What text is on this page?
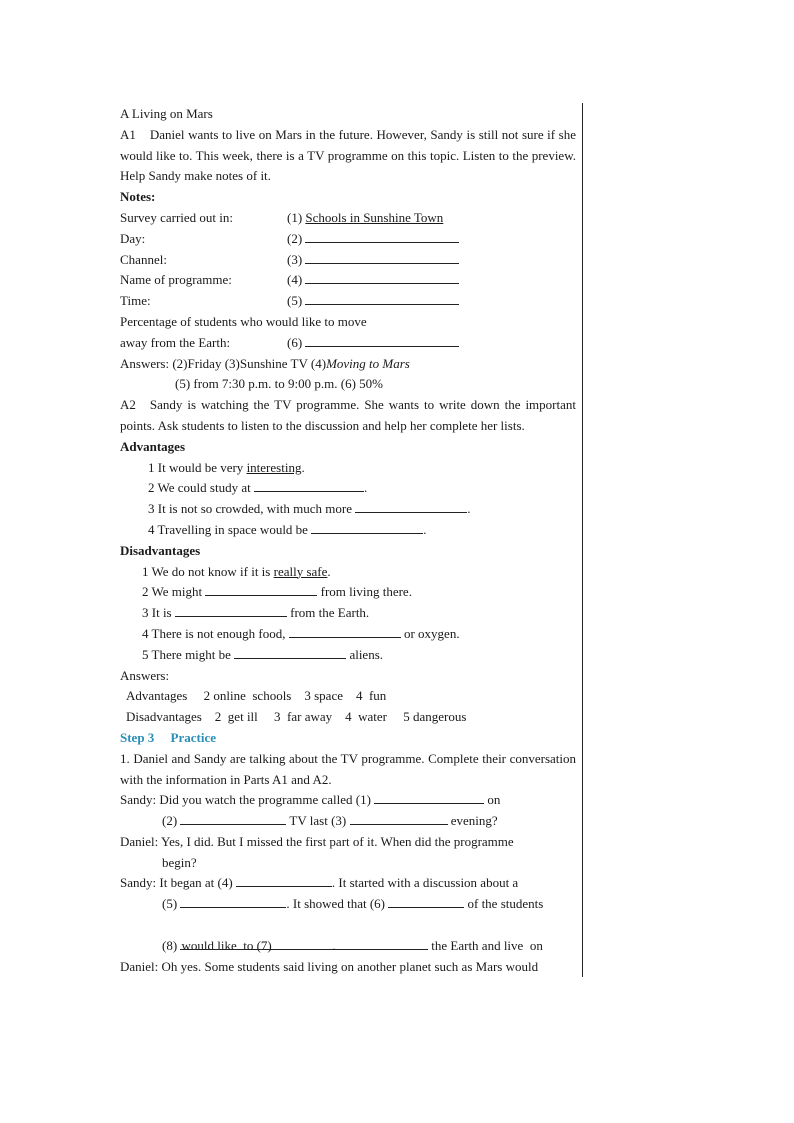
A Living on Mars
A1 Daniel wants to live on Mars in the future. However, Sandy is still not sure if she would like to. This week, there is a TV programme on this topic. Listen to the preview. Help Sandy make notes of it.
Notes:
Survey carried out in:	(1) Schools in Sunshine Town
Day:	(2)
Channel:	(3)
Name of programme:	(4)
Time:	(5)
Percentage of students who would like to move
away from the Earth:	(6)
Answers: (2)Friday (3)Sunshine TV (4)Moving to Mars
(5) from 7:30 p.m. to 9:00 p.m. (6) 50%
A2 Sandy is watching the TV programme. She wants to write down the important points. Ask students to listen to the discussion and help her complete her lists.
Advantages
1 It would be very interesting.
2 We could study at	.
3 It is not so crowded, with much more	.
4 Travelling in space would be	.
Disadvantages
1 We do not know if it is really safe.
2 We might	from living there.
3 It is	from the Earth.
4 There is not enough food,	or oxygen.
5 There might be	aliens.
Answers:
Advantages     2 online  schools    3 space    4  fun
Disadvantages    2  get ill     3  far away    4  water     5 dangerous
Step 3     Practice
1. Daniel and Sandy are talking about the TV programme. Complete their conversation with the information in Parts A1 and A2.
Sandy: Did you watch the programme called (1)	on
(2)	TV last (3)	evening?
Daniel: Yes, I did. But I missed the first part of it. When did the programme
begin?
Sandy: It began at (4)	. It started with a discussion about a
(5)	. It showed that (6)	of the students

would like  to (7)	the Earth and live  on

(8)	.
Daniel: Oh yes. Some students said living on another planet such as Mars would
